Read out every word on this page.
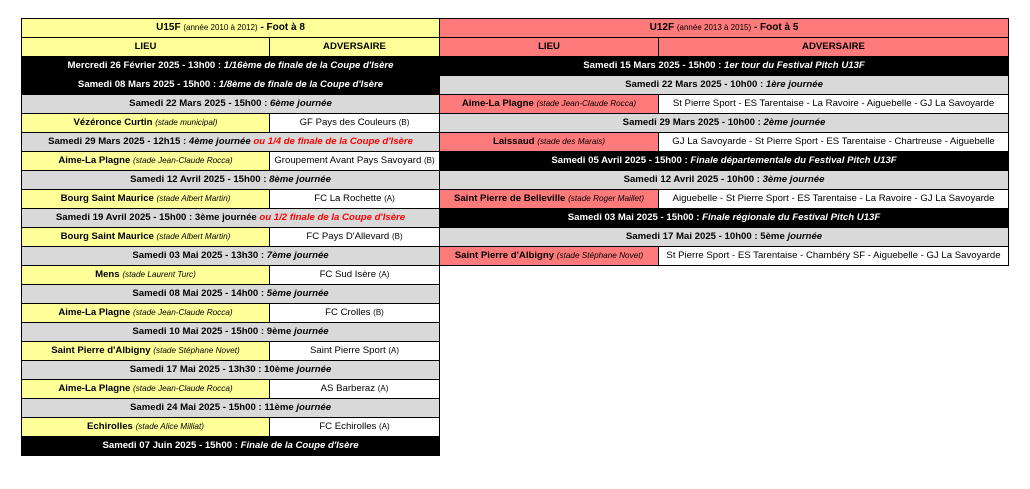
U15F (année 2010 à 2012) - Foot à 8	
LIEU	ADVERSAIRE
Mercredi 26 Février 2025 - 13h00 : 1/16ème de finale de la Coupe d'Isère	
Samedi 08 Mars 2025 - 15h00 : 1/8ème de finale de la Coupe d'Isère	
Samedi 22 Mars 2025 - 15h00 : 6ème journée	
Vézéronce Curtin (stade municipal)	GF Pays des Couleurs (B)
Samedi 29 Mars 2025 - 12h15 : 4ème journée ou 1/4 de finale de la Coupe d'Isère	
Aime-La Plagne (stade Jean-Claude Rocca)	Groupement Avant Pays Savoyard (B)
Samedi 12 Avril 2025 - 15h00 : 8ème journée	
Bourg Saint Maurice (stade Albert Martin)	FC La Rochette (A)
Samedi 19 Avril 2025 - 15h00 : 3ème journée ou 1/2 finale de la Coupe d'Isère	
Bourg Saint Maurice (stade Albert Martin)	FC Pays D'Allevard (B)
Samedi 03 Mai 2025 - 13h30 : 7ème journée	
Mens (stade Laurent Turc)	FC Sud Isère (A)
Samedi 08 Mai 2025 - 14h00 : 5ème journée	
Aime-La Plagne (stade Jean-Claude Rocca)	FC Crolles (B)
Samedi 10 Mai 2025 - 15h00 : 9ème journée	
Saint Pierre d'Albigny (stade Stéphane Novet)	Saint Pierre Sport (A)
Samedi 17 Mai 2025 - 13h30 : 10ème journée	
Aime-La Plagne (stade Jean-Claude Rocca)	AS Barberaz (A)
Samedi 24 Mai 2025 - 15h00 : 11ème journée	
Echirolles (stade Alice Milliat)	FC Echirolles (A)
Samedi 07 Juin 2025 - 15h00 : Finale de la Coupe d'Isère	
U12F (année 2013 à 2015) - Foot à 5	
LIEU	ADVERSAIRE
Samedi 15 Mars 2025 - 15h00 : 1er tour du Festival Pitch U13F	
Samedi 22 Mars 2025 - 10h00 : 1ère journée	
Aime-La Plagne (stade Jean-Claude Rocca)	St Pierre Sport - ES Tarentaise - La Ravoire - Aiguebelle - GJ La Savoyarde
Samedi 29 Mars 2025 - 10h00 : 2ème journée	
Laissaud (stade des Marais)	GJ La Savoyarde - St Pierre Sport - ES Tarentaise - Chartreuse - Aiguebelle
Samedi 05 Avril 2025 - 15h00 : Finale départementale du Festival Pitch U13F	
Samedi 12 Avril 2025 - 10h00 : 3ème journée	
Saint Pierre de Belleville (stade Roger Maillet)	Aiguebelle - St Pierre Sport - ES Tarentaise - La Ravoire - GJ La Savoyarde
Samedi 03 Mai 2025 - 15h00 : Finale régionale du Festival Pitch U13F	
Samedi 17 Mai 2025 - 10h00 : 5ème journée	
Saint Pierre d'Albigny (stade Stéphane Novet)	St Pierre Sport - ES Tarentaise - Chambéry SF - Aiguebelle - GJ La Savoyarde
